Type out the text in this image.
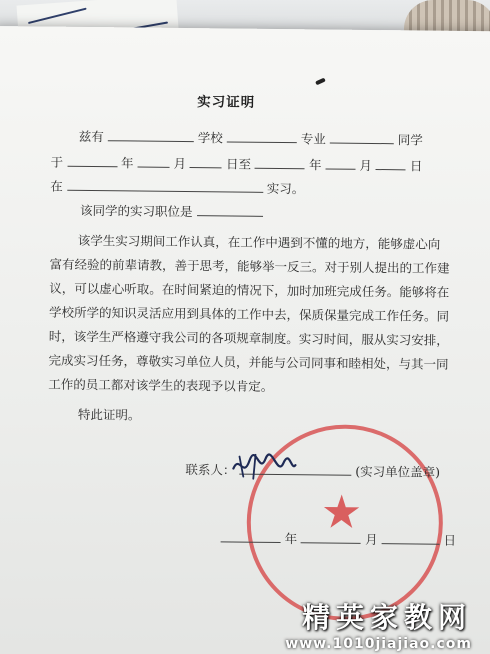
实习证明
兹有	学校	专业	同学
于	年	月	日至	年	月	日
在	实习。
该同学的实习职位是
该学生实习期间工作认真，在工作中遇到不懂的地方，能够虚心向
富有经验的前辈请教，善于思考，能够举一反三。对于别人提出的工作建
议，可以虚心听取。在时间紧迫的情况下，加时加班完成任务。能够将在
学校所学的知识灵活应用到具体的工作中去，保质保量完成工作任务。同
时，该学生严格遵守我公司的各项规章制度。实习时间，服从实习安排，
完成实习任务，尊敬实习单位人员，并能与公司同事和睦相处，与其一同
工作的员工都对该学生的表现予以肯定。
特此证明。
★
联系人：	(实习单位盖章)
年	月	日
精英家教网
www.1010jiajiao.com
